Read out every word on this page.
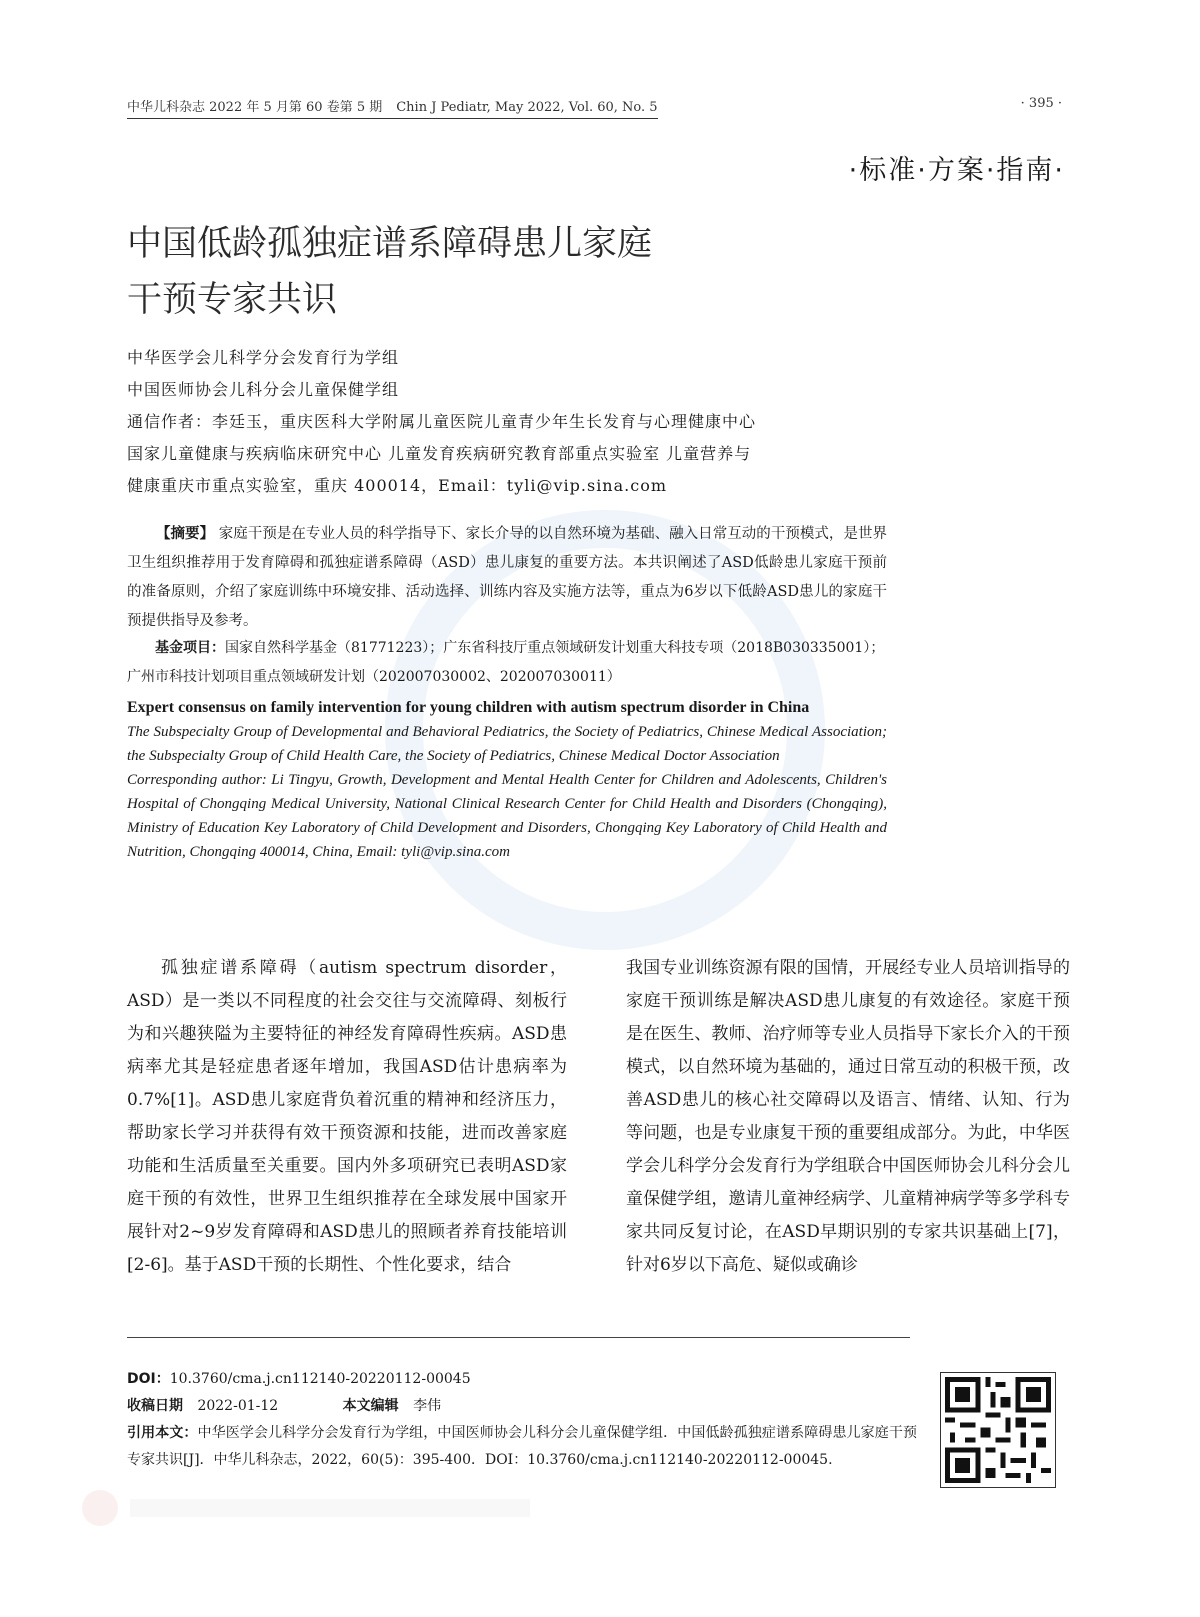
中华儿科杂志 2022 年 5 月第 60 卷第 5 期 Chin J Pediatr, May 2022, Vol. 60, No. 5	· 395 ·
·标准·方案·指南·
中国低龄孤独症谱系障碍患儿家庭
干预专家共识
中华医学会儿科学分会发育行为学组
中国医师协会儿科分会儿童保健学组
通信作者：李廷玉，重庆医科大学附属儿童医院儿童青少年生长发育与心理健康中心
国家儿童健康与疾病临床研究中心 儿童发育疾病研究教育部重点实验室 儿童营养与
健康重庆市重点实验室，重庆 400014，Email：tyli@vip.sina.com
【摘要】 家庭干预是在专业人员的科学指导下、家长介导的以自然环境为基础、融入日常互动的干预模式，是世界卫生组织推荐用于发育障碍和孤独症谱系障碍（ASD）患儿康复的重要方法。本共识阐述了ASD低龄患儿家庭干预前的准备原则，介绍了家庭训练中环境安排、活动选择、训练内容及实施方法等，重点为6岁以下低龄ASD患儿的家庭干预提供指导及参考。
基金项目：国家自然科学基金（81771223）；广东省科技厅重点领域研发计划重大科技专项（2018B030335001）；广州市科技计划项目重点领域研发计划（202007030002、202007030011）
Expert consensus on family intervention for young children with autism spectrum disorder in China
The Subspecialty Group of Developmental and Behavioral Pediatrics, the Society of Pediatrics, Chinese Medical Association; the Subspecialty Group of Child Health Care, the Society of Pediatrics, Chinese Medical Doctor Association
Corresponding author: Li Tingyu, Growth, Development and Mental Health Center for Children and Adolescents, Children's Hospital of Chongqing Medical University, National Clinical Research Center for Child Health and Disorders (Chongqing), Ministry of Education Key Laboratory of Child Development and Disorders, Chongqing Key Laboratory of Child Health and Nutrition, Chongqing 400014, China, Email: tyli@vip.sina.com
孤独症谱系障碍（autism spectrum disorder，ASD）是一类以不同程度的社会交往与交流障碍、刻板行为和兴趣狭隘为主要特征的神经发育障碍性疾病。ASD患病率尤其是轻症患者逐年增加，我国ASD估计患病率为0.7%[1]。ASD患儿家庭背负着沉重的精神和经济压力，帮助家长学习并获得有效干预资源和技能，进而改善家庭功能和生活质量至关重要。国内外多项研究已表明ASD家庭干预的有效性，世界卫生组织推荐在全球发展中国家开展针对2~9岁发育障碍和ASD患儿的照顾者养育技能培训[2-6]。基于ASD干预的长期性、个性化要求，结合
我国专业训练资源有限的国情，开展经专业人员培训指导的家庭干预训练是解决ASD患儿康复的有效途径。家庭干预是在医生、教师、治疗师等专业人员指导下家长介入的干预模式，以自然环境为基础的，通过日常互动的积极干预，改善ASD患儿的核心社交障碍以及语言、情绪、认知、行为等问题，也是专业康复干预的重要组成部分。为此，中华医学会儿科学分会发育行为学组联合中国医师协会儿科分会儿童保健学组，邀请儿童神经病学、儿童精神病学等多学科专家共同反复讨论，在ASD早期识别的专家共识基础上[7]，针对6岁以下高危、疑似或确诊
DOI：10.3760/cma.j.cn112140-20220112-00045
收稿日期 2022-01-12	本文编辑 李伟
引用本文：中华医学会儿科学分会发育行为学组，中国医师协会儿科分会儿童保健学组．中国低龄孤独症谱系障碍患儿家庭干预专家共识[J]．中华儿科杂志，2022，60(5)：395-400．DOI：10.3760/cma.j.cn112140-20220112-00045.
